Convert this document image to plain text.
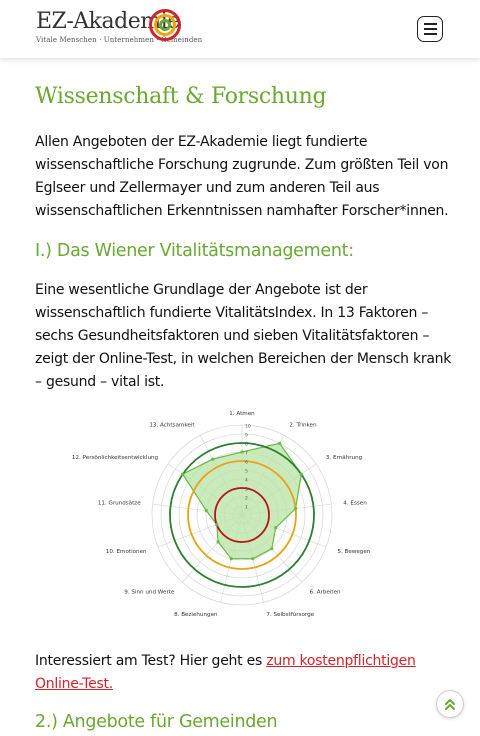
EZ-Akademie
Vitale Menschen · Unternehmen · Gemeinden
Wissenschaft & Forschung

Allen Angeboten der EZ-Akademie liegt fundierte wissenschaftliche Forschung zugrunde. Zum größten Teil von Eglseer und Zellermayer und zum anderen Teil aus wissenschaftlichen Erkenntnissen namhafter Forscher*innen.

I.) Das Wiener Vitalitätsmanagement:

Eine wesentliche Grundlage der Angebote ist der wissenschaftlich fundierte VitalitätsIndex. In 13 Faktoren – sechs Gesundheitsfaktoren und sieben Vitalitätsfaktoren – zeigt der Online-Test, in welchen Bereichen der Mensch krank – gesund – vital ist.

1
2
3
4
5
6
7
8
9
10
1. Atmen
2. Trinken
3. Ernährung
4. Essen
5. Bewegen
6. Arbeiten
7. Selbstfürsorge
8. Beziehungen
9. Sinn und Werte
10. Emotionen
11. Grundsätze
12. Persönlichkeitsentwicklung
13. Achtsamkeit

Interessiert am Test? Hier geht es zum kostenpflichtigen Online-Test.

2.) Angebote für Gemeinden
